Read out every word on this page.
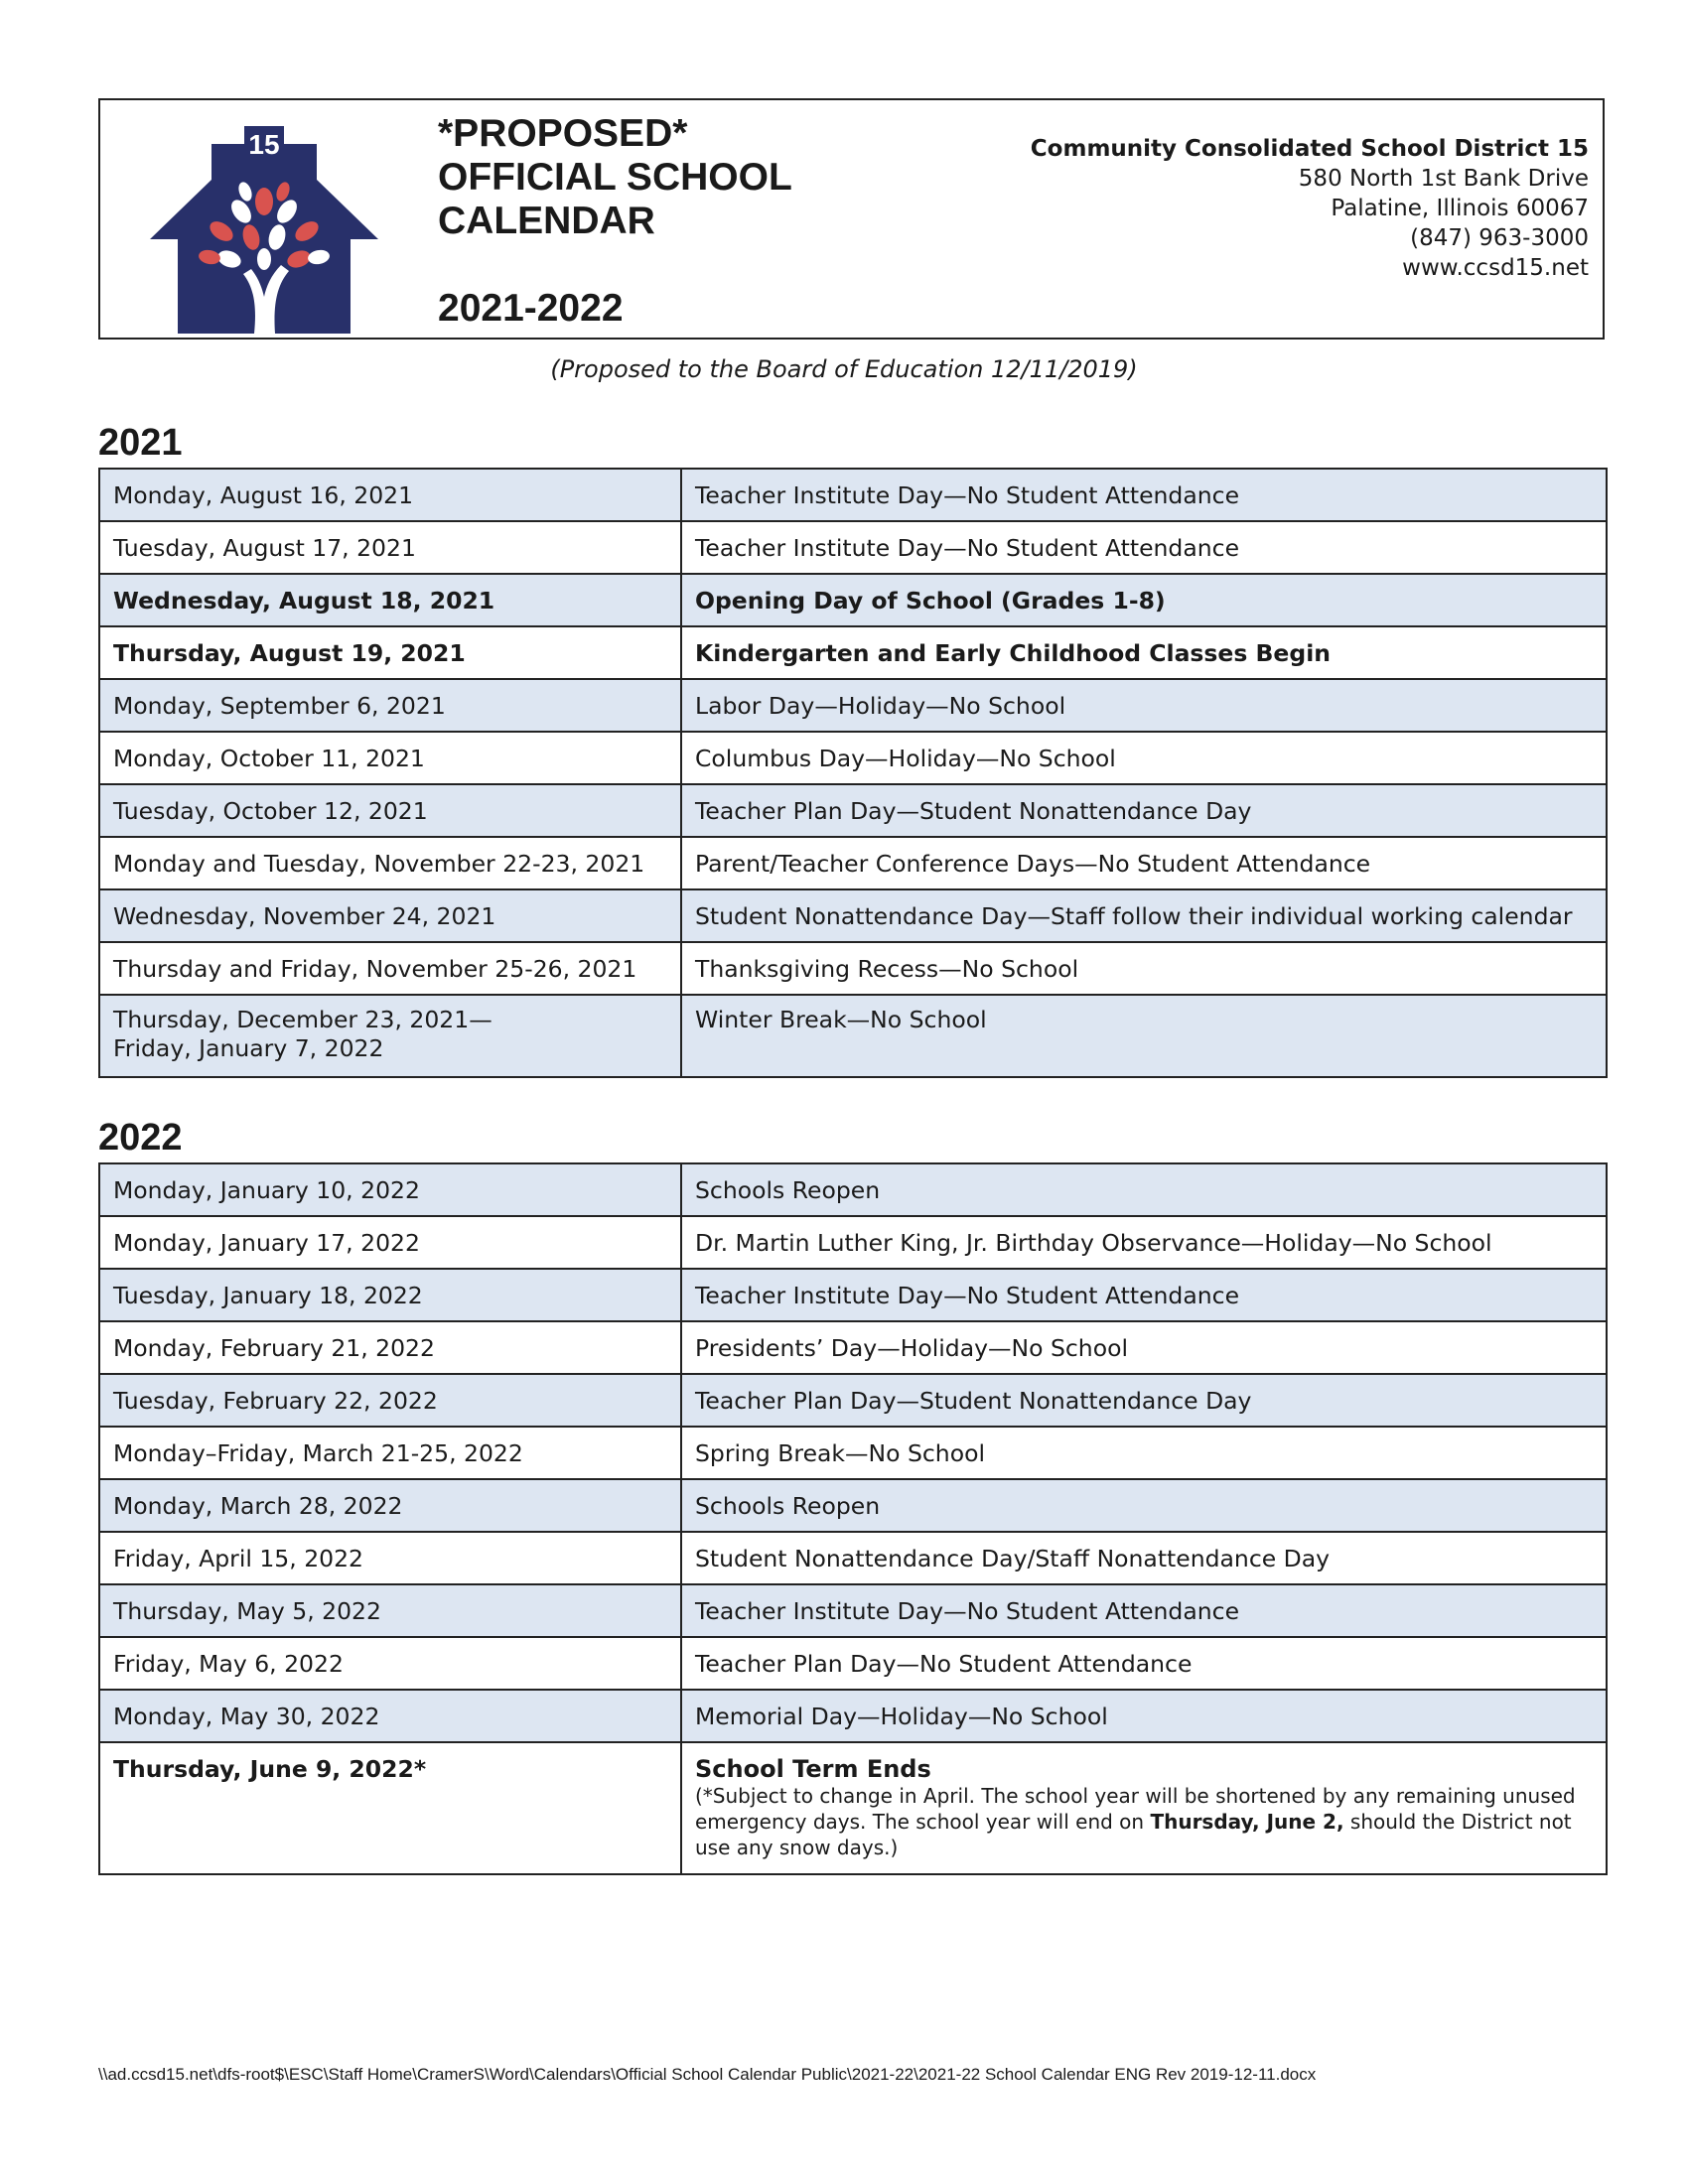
15	*PROPOSED*
OFFICIAL SCHOOL
CALENDAR
2021-2022
Community Consolidated School District 15
580 North 1st Bank Drive
Palatine, Illinois 60067
(847) 963-3000
www.ccsd15.net
(Proposed to the Board of Education 12/11/2019)
2021
Monday, August 16, 2021	Teacher Institute Day—No Student Attendance
Tuesday, August 17, 2021	Teacher Institute Day—No Student Attendance
Wednesday, August 18, 2021	Opening Day of School (Grades 1-8)
Thursday, August 19, 2021	Kindergarten and Early Childhood Classes Begin
Monday, September 6, 2021	Labor Day—Holiday—No School
Monday, October 11, 2021	Columbus Day—Holiday—No School
Tuesday, October 12, 2021	Teacher Plan Day—Student Nonattendance Day
Monday and Tuesday, November 22-23, 2021	Parent/Teacher Conference Days—No Student Attendance
Wednesday, November 24, 2021	Student Nonattendance Day—Staff follow their individual working calendar
Thursday and Friday, November 25-26, 2021	Thanksgiving Recess—No School

Thursday, December 23, 2021—
Friday, January 7, 2022	Winter Break—No School
2022
Monday, January 10, 2022	Schools Reopen
Monday, January 17, 2022	Dr. Martin Luther King, Jr. Birthday Observance—Holiday—No School
Tuesday, January 18, 2022	Teacher Institute Day—No Student Attendance
Monday, February 21, 2022	Presidents’ Day—Holiday—No School
Tuesday, February 22, 2022	Teacher Plan Day—Student Nonattendance Day
Monday–Friday, March 21-25, 2022	Spring Break—No School
Monday, March 28, 2022	Schools Reopen
Friday, April 15, 2022	Student Nonattendance Day/Staff Nonattendance Day
Thursday, May 5, 2022	Teacher Institute Day—No Student Attendance
Friday, May 6, 2022	Teacher Plan Day—No Student Attendance
Monday, May 30, 2022	Memorial Day—Holiday—No School
Thursday, June 9, 2022*	School Term Ends
(*Subject to change in April. The school year will be shortened by any remaining unused emergency days. The school year will end on Thursday, June 2, should the District not use any snow days.)
\\ad.ccsd15.net\dfs-root$\ESC\Staff Home\CramerS\Word\Calendars\Official School Calendar Public\2021-22\2021-22 School Calendar ENG Rev 2019-12-11.docx
